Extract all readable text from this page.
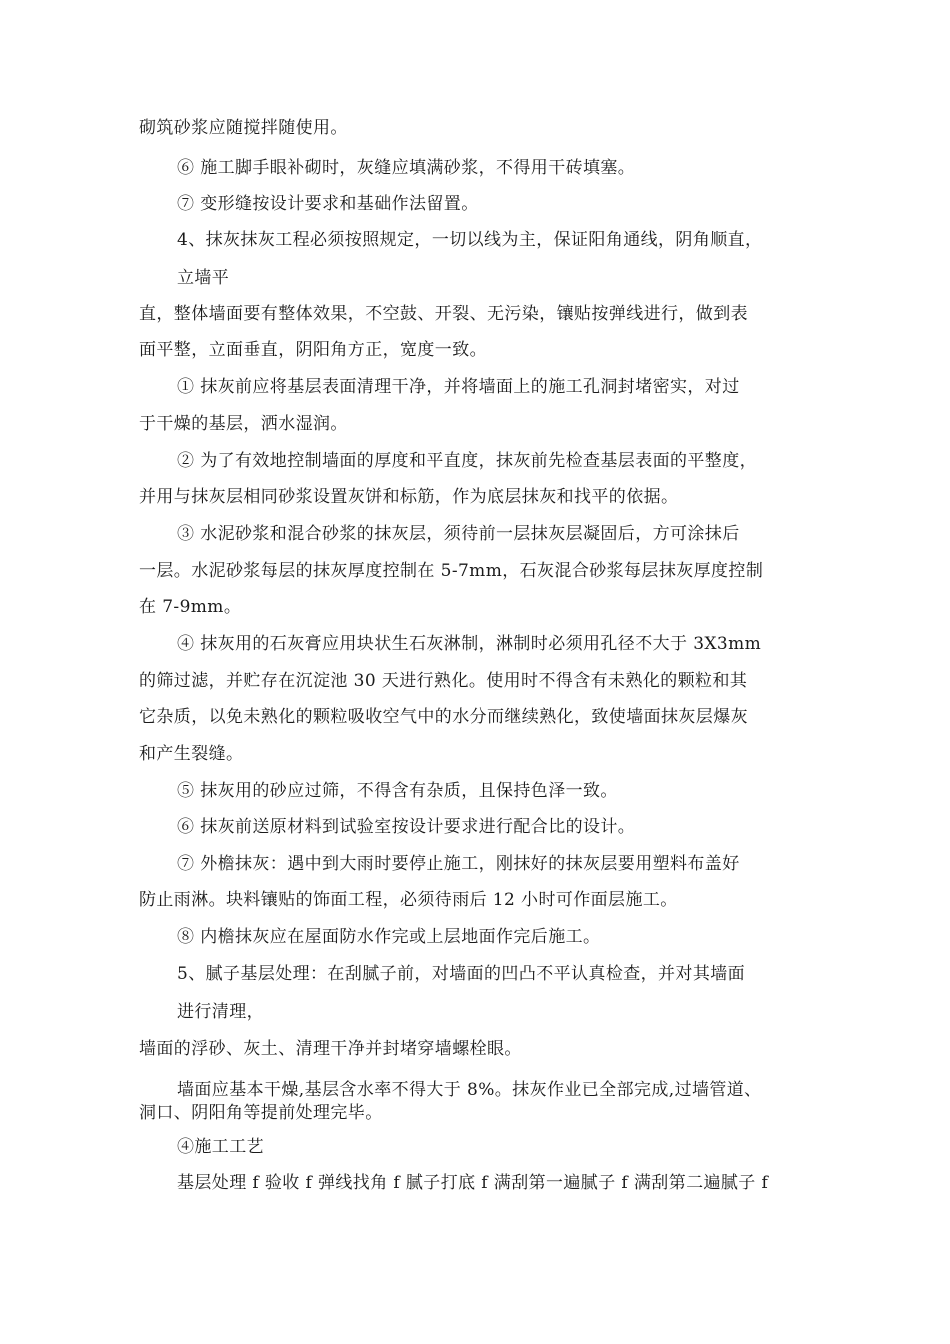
砌筑砂浆应随搅拌随使用。
⑥ 施工脚手眼补砌时，灰缝应填满砂浆，不得用干砖填塞。
⑦ 变形缝按设计要求和基础作法留置。
4、抹灰抹灰工程必须按照规定，一切以线为主，保证阳角通线，阴角顺直，
立墙平
直，整体墙面要有整体效果，不空鼓、开裂、无污染，镶贴按弹线进行，做到表
面平整，立面垂直，阴阳角方正，宽度一致。
① 抹灰前应将基层表面清理干净，并将墙面上的施工孔洞封堵密实，对过
于干燥的基层，洒水湿润。
② 为了有效地控制墙面的厚度和平直度，抹灰前先检查基层表面的平整度，
并用与抹灰层相同砂浆设置灰饼和标筋，作为底层抹灰和找平的依据。
③ 水泥砂浆和混合砂浆的抹灰层，须待前一层抹灰层凝固后，方可涂抹后
一层。水泥砂浆每层的抹灰厚度控制在 5-7mm，石灰混合砂浆每层抹灰厚度控制
在 7-9mm。
④ 抹灰用的石灰膏应用块状生石灰淋制，淋制时必须用孔径不大于 3X3mm
的筛过滤，并贮存在沉淀池 30 天进行熟化。使用时不得含有未熟化的颗粒和其
它杂质，以免未熟化的颗粒吸收空气中的水分而继续熟化，致使墙面抹灰层爆灰
和产生裂缝。
⑤ 抹灰用的砂应过筛，不得含有杂质，且保持色泽一致。
⑥ 抹灰前送原材料到试验室按设计要求进行配合比的设计。
⑦ 外檐抹灰：遇中到大雨时要停止施工，刚抹好的抹灰层要用塑料布盖好
防止雨淋。块料镶贴的饰面工程，必须待雨后 12 小时可作面层施工。
⑧ 内檐抹灰应在屋面防水作完或上层地面作完后施工。
5、腻子基层处理：在刮腻子前，对墙面的凹凸不平认真检查，并对其墙面
进行清理，
墙面的浮砂、灰土、清理干净并封堵穿墙螺栓眼。
墙面应基本干燥,基层含水率不得大于 8%。抹灰作业已全部完成,过墙管道、
洞口、阴阳角等提前处理完毕。
④施工工艺
基层处理 f 验收 f 弹线找角 f 腻子打底 f 满刮第一遍腻子 f 满刮第二遍腻子 f
